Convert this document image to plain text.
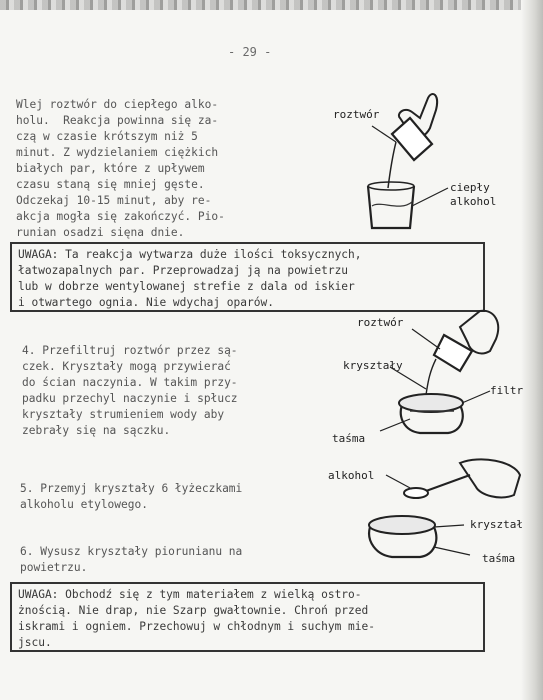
- 29 -
Wlej roztwór do ciepłego alko-
holu.  Reakcja powinna się za-
czą w czasie krótszym niż 5
minut. Z wydzielaniem ciężkich
białych par, które z upływem
czasu staną się mniej gęste.
Odczekaj 10-15 minut, aby re-
akcja mogła się zakończyć. Pio-
runian osadzi sięna dnie.
roztwór
ciepły
alkohol
UWAGA: Ta reakcja wytwarza duże ilości toksycznych,
łatwozapalnych par. Przeprowadzaj ją na powietrzu
lub w dobrze wentylowanej strefie z dala od iskier
i otwartego ognia. Nie wdychaj oparów.
4. Przefiltruj roztwór przez są-
czek. Kryształy mogą przywierać
do ścian naczynia. W takim przy-
padku przechyl naczynie i spłucz
kryształy strumieniem wody aby
zebrały się na sączku.
roztwór
kryształy
filtr
taśma
5. Przemyj kryształy 6 łyżeczkami
alkoholu etylowego.
alkohol
kryształ
taśma
6. Wysusz kryształy piorunianu na
powietrzu.
UWAGA: Obchodź się z tym materiałem z wielką ostro-
żnością. Nie drap, nie Szarp gwałtownie. Chroń przed
iskrami i ogniem. Przechowuj w chłodnym i suchym mie-
jscu.
